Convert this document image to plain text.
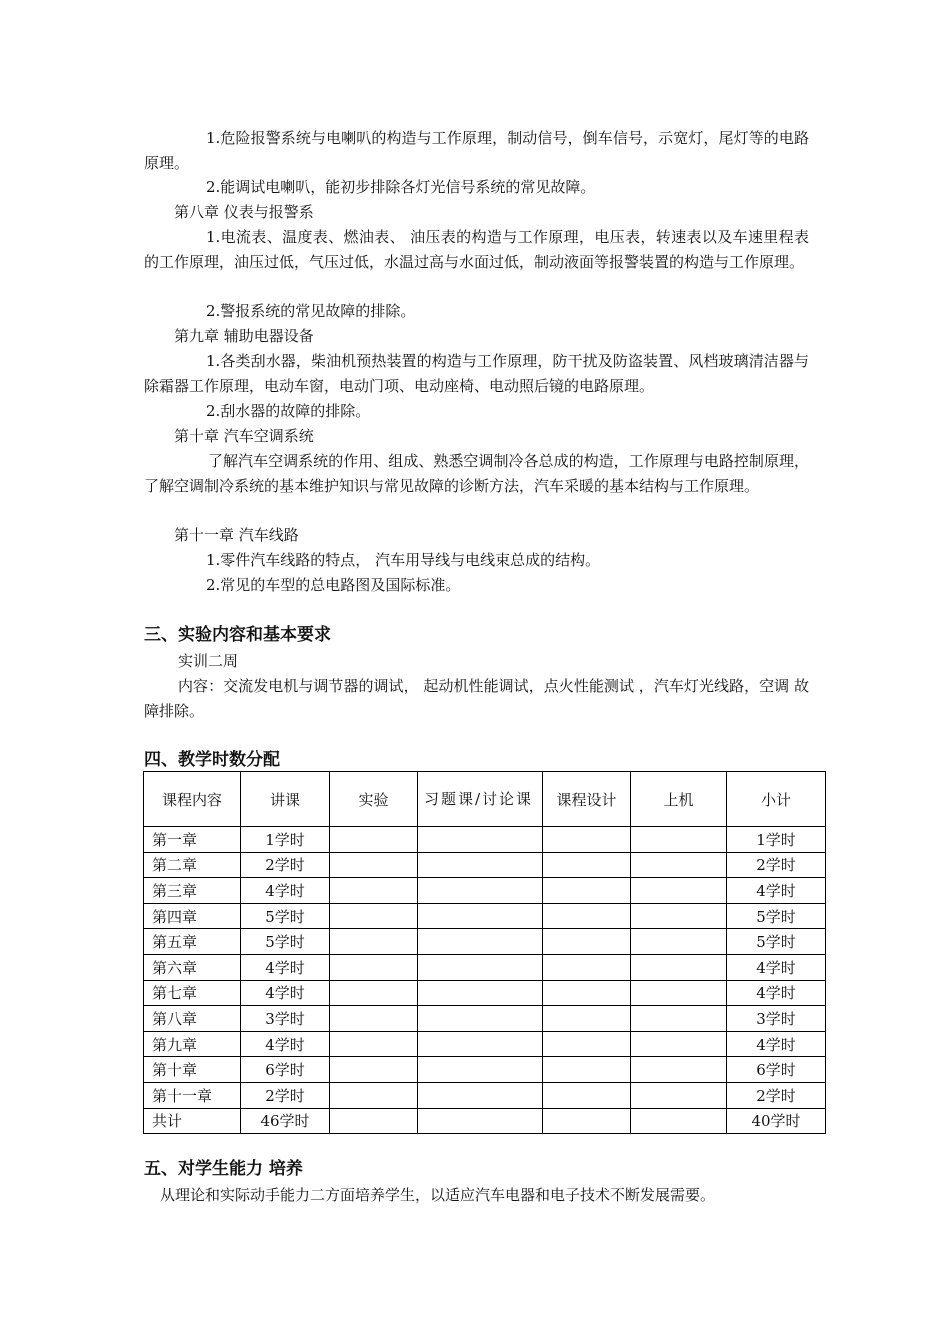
1.危险报警系统与电喇叭的构造与工作原理，制动信号，倒车信号，示宽灯，尾灯等的电路原理。

2.能调试电喇叭，能初步排除各灯光信号系统的常见故障。

第八章 仪表与报警系

1.电流表、温度表、燃油表、 油压表的构造与工作原理，电压表，转速表以及车速里程表的工作原理，油压过低，气压过低，水温过高与水面过低，制动液面等报警装置的构造与工作原理。

2.警报系统的常见故障的排除。

第九章 辅助电器设备

1.各类刮水器，柴油机预热装置的构造与工作原理，防干扰及防盗装置、风档玻璃清洁器与除霜器工作原理，电动车窗，电动门项、电动座椅、电动照后镜的电路原理。

2.刮水器的故障的排除。

第十章 汽车空调系统

了解汽车空调系统的作用、组成、熟悉空调制冷各总成的构造，工作原理与电路控制原理，了解空调制冷系统的基本维护知识与常见故障的诊断方法，汽车采暖的基本结构与工作原理。

第十一章 汽车线路

1.零件汽车线路的特点， 汽车用导线与电线束总成的结构。

2.常见的车型的总电路图及国际标准。

三、实验内容和基本要求

实训二周

内容：交流发电机与调节器的调试， 起动机性能调试，点火性能测试 ，汽车灯光线路，空调 故障排除。

四、教学时数分配
课程内容	讲课	实验	习题课/讨论课	课程设计	上机	小计
第一章	1学时					1学时
第二章	2学时					2学时
第三章	4学时					4学时
第四章	5学时					5学时
第五章	5学时					5学时
第六章	4学时					4学时
第七章	4学时					4学时
第八章	3学时					3学时
第九章	4学时					4学时
第十章	6学时					6学时
第十一章	2学时					2学时
共计	46学时					40学时
五、对学生能力 培养

从理论和实际动手能力二方面培养学生，以适应汽车电器和电子技术不断发展需要。
